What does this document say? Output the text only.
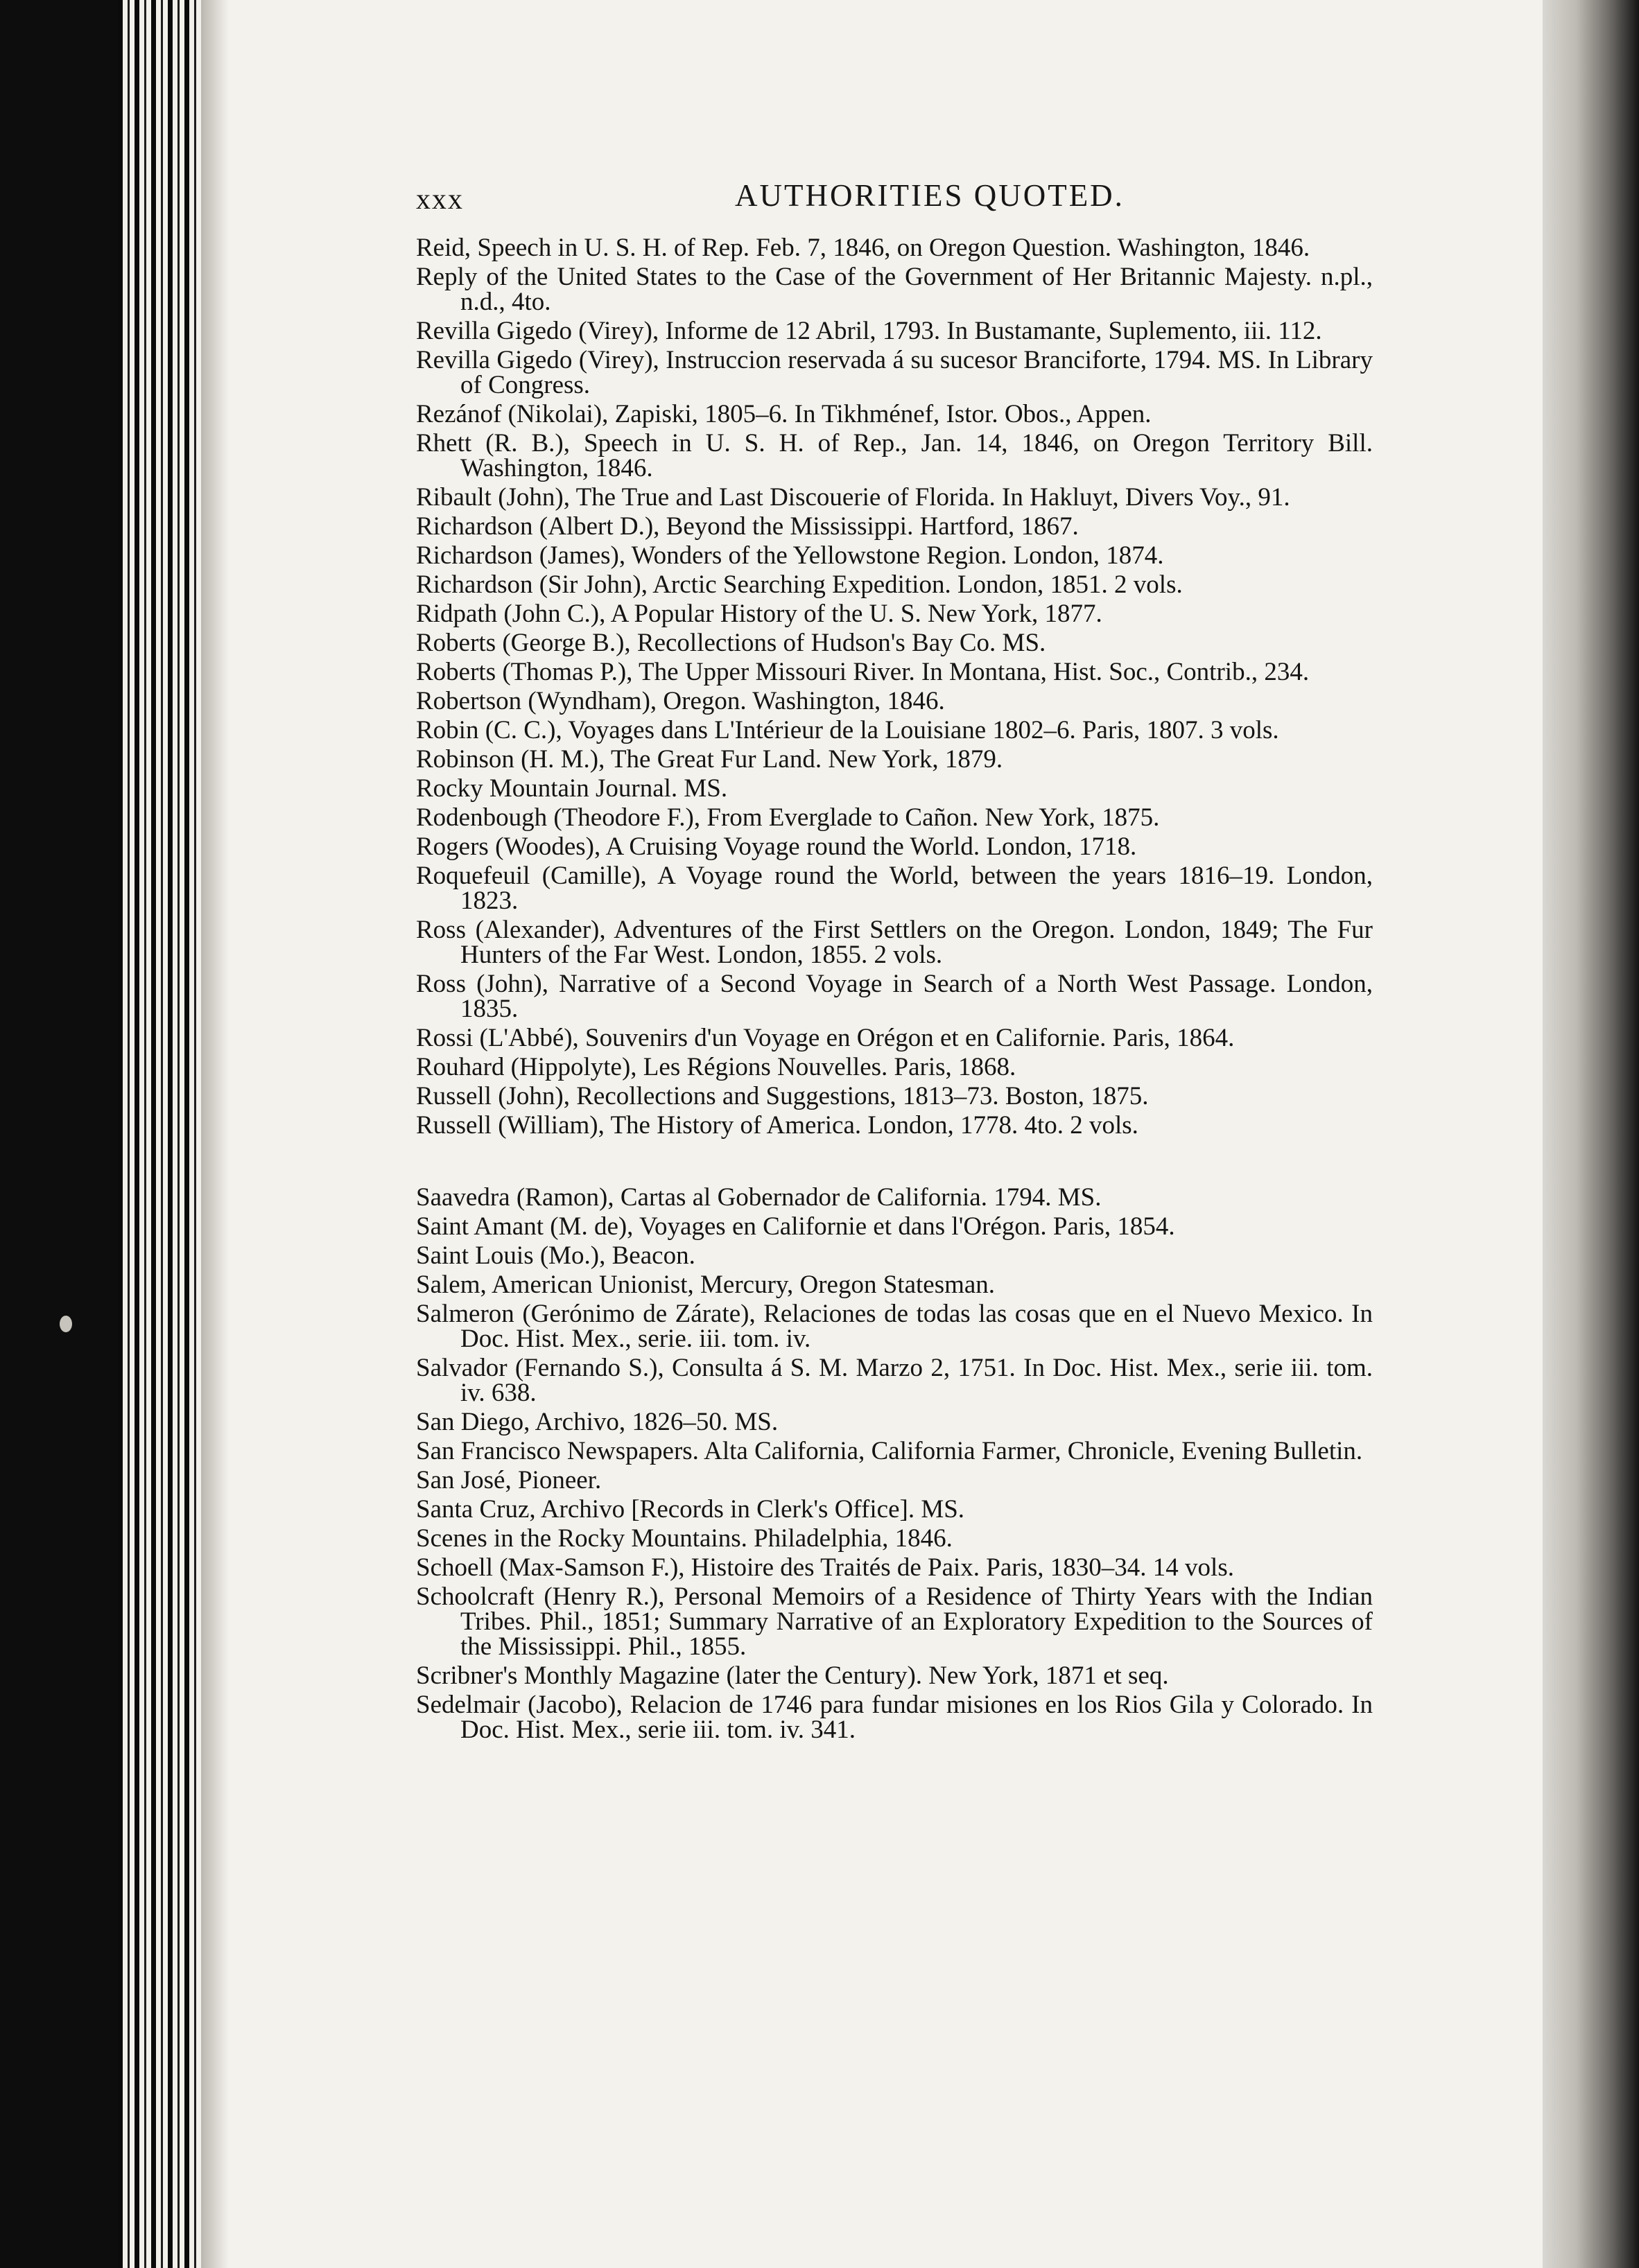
xxx	AUTHORITIES QUOTED.

Reid, Speech in U. S. H. of Rep. Feb. 7, 1846, on Oregon Question. Washington, 1846.

Reply of the United States to the Case of the Government of Her Britannic Majesty. n.pl., n.d., 4to.

Revilla Gigedo (Virey), Informe de 12 Abril, 1793. In Bustamante, Suplemento, iii. 112.

Revilla Gigedo (Virey), Instruccion reservada á su sucesor Branciforte, 1794. MS. In Library of Congress.

Rezánof (Nikolai), Zapiski, 1805–6. In Tikhménef, Istor. Obos., Appen.

Rhett (R. B.), Speech in U. S. H. of Rep., Jan. 14, 1846, on Oregon Territory Bill. Washington, 1846.

Ribault (John), The True and Last Discouerie of Florida. In Hakluyt, Divers Voy., 91.

Richardson (Albert D.), Beyond the Mississippi. Hartford, 1867.

Richardson (James), Wonders of the Yellowstone Region. London, 1874.

Richardson (Sir John), Arctic Searching Expedition. London, 1851. 2 vols.

Ridpath (John C.), A Popular History of the U. S. New York, 1877.

Roberts (George B.), Recollections of Hudson's Bay Co. MS.

Roberts (Thomas P.), The Upper Missouri River. In Montana, Hist. Soc., Contrib., 234.

Robertson (Wyndham), Oregon. Washington, 1846.

Robin (C. C.), Voyages dans L'Intérieur de la Louisiane 1802–6. Paris, 1807. 3 vols.

Robinson (H. M.), The Great Fur Land. New York, 1879.

Rocky Mountain Journal. MS.

Rodenbough (Theodore F.), From Everglade to Cañon. New York, 1875.

Rogers (Woodes), A Cruising Voyage round the World. London, 1718.

Roquefeuil (Camille), A Voyage round the World, between the years 1816–19. London, 1823.

Ross (Alexander), Adventures of the First Settlers on the Oregon. London, 1849; The Fur Hunters of the Far West. London, 1855. 2 vols.

Ross (John), Narrative of a Second Voyage in Search of a North West Passage. London, 1835.

Rossi (L'Abbé), Souvenirs d'un Voyage en Orégon et en Californie. Paris, 1864.

Rouhard (Hippolyte), Les Régions Nouvelles. Paris, 1868.

Russell (John), Recollections and Suggestions, 1813–73. Boston, 1875.

Russell (William), The History of America. London, 1778. 4to. 2 vols.

Saavedra (Ramon), Cartas al Gobernador de California. 1794. MS.

Saint Amant (M. de), Voyages en Californie et dans l'Orégon. Paris, 1854.

Saint Louis (Mo.), Beacon.

Salem, American Unionist, Mercury, Oregon Statesman.

Salmeron (Gerónimo de Zárate), Relaciones de todas las cosas que en el Nuevo Mexico. In Doc. Hist. Mex., serie. iii. tom. iv.

Salvador (Fernando S.), Consulta á S. M. Marzo 2, 1751. In Doc. Hist. Mex., serie iii. tom. iv. 638.

San Diego, Archivo, 1826–50. MS.

San Francisco Newspapers. Alta California, California Farmer, Chronicle, Evening Bulletin.

San José, Pioneer.

Santa Cruz, Archivo [Records in Clerk's Office]. MS.

Scenes in the Rocky Mountains. Philadelphia, 1846.

Schoell (Max-Samson F.), Histoire des Traités de Paix. Paris, 1830–34. 14 vols.

Schoolcraft (Henry R.), Personal Memoirs of a Residence of Thirty Years with the Indian Tribes. Phil., 1851; Summary Narrative of an Exploratory Expedition to the Sources of the Mississippi. Phil., 1855.

Scribner's Monthly Magazine (later the Century). New York, 1871 et seq.

Sedelmair (Jacobo), Relacion de 1746 para fundar misiones en los Rios Gila y Colorado. In Doc. Hist. Mex., serie iii. tom. iv. 341.
